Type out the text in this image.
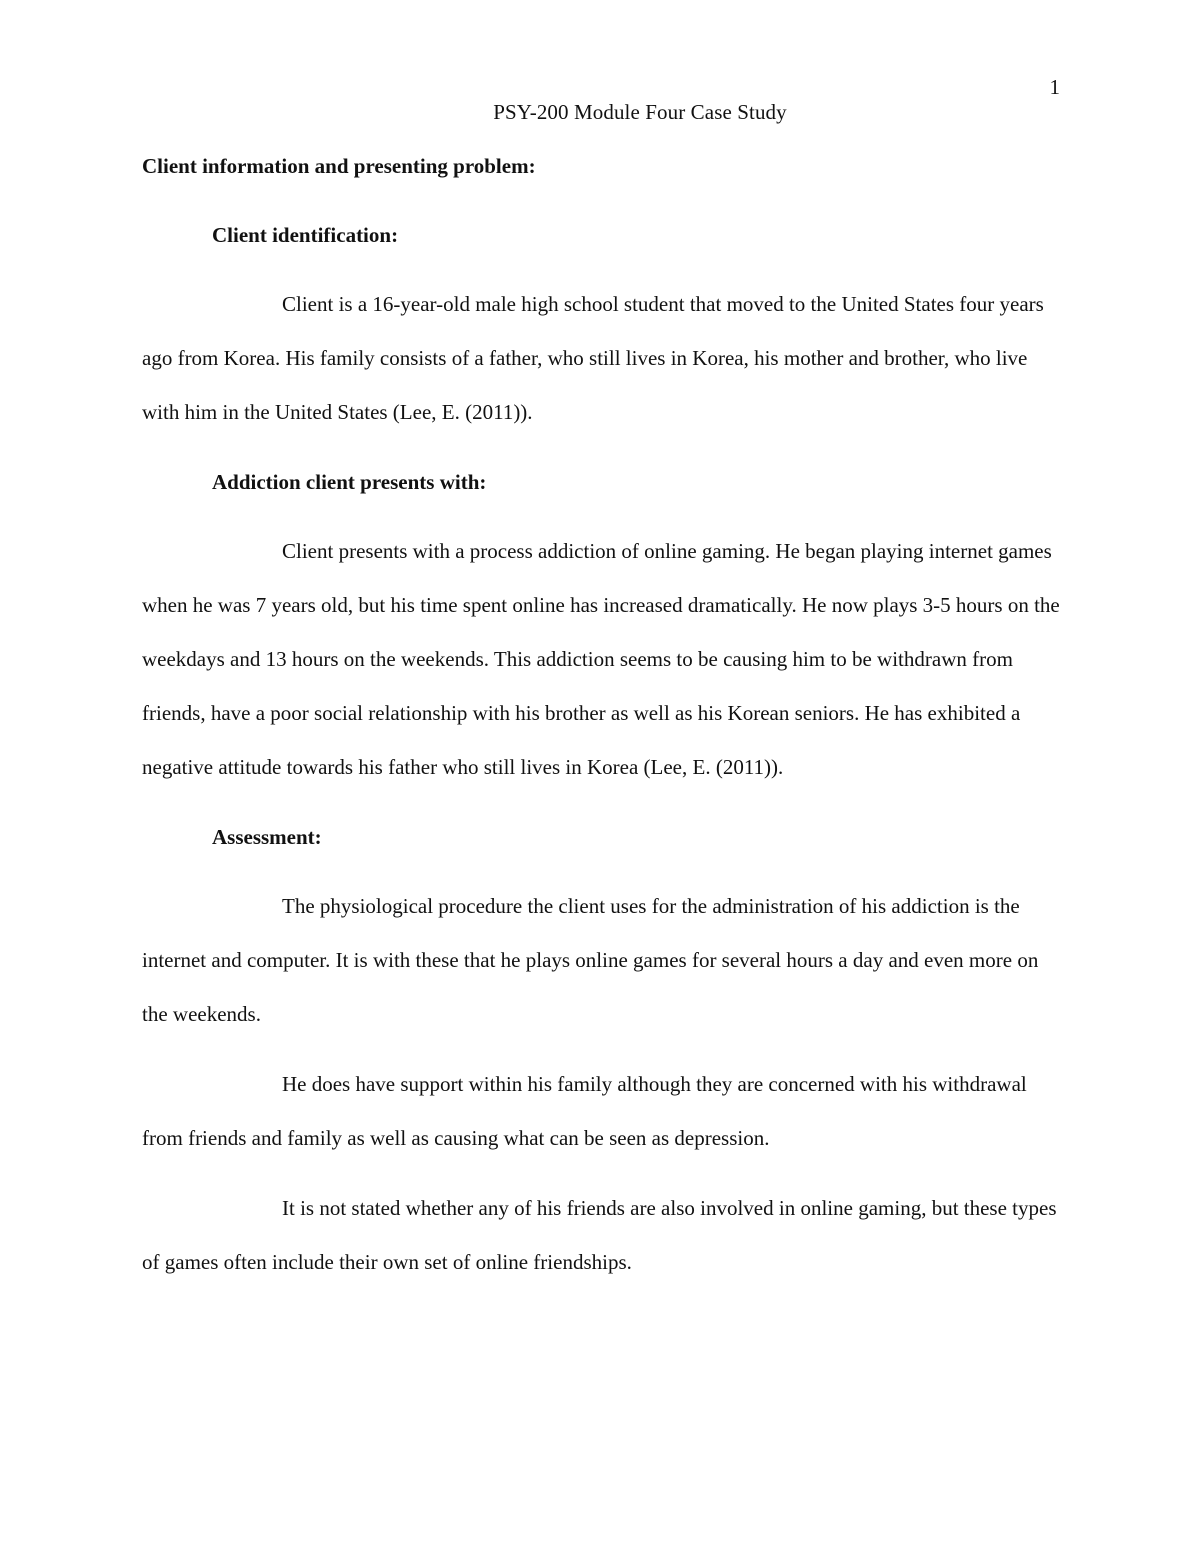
1
PSY-200 Module Four Case Study

Client information and presenting problem:

Client identification:

Client is a 16-year-old male high school student that moved to the United States four years ago from Korea. His family consists of a father, who still lives in Korea, his mother and brother, who live with him in the United States (Lee, E. (2011)).

Addiction client presents with:

Client presents with a process addiction of online gaming. He began playing internet games when he was 7 years old, but his time spent online has increased dramatically. He now plays 3-5 hours on the weekdays and 13 hours on the weekends. This addiction seems to be causing him to be withdrawn from friends, have a poor social relationship with his brother as well as his Korean seniors. He has exhibited a negative attitude towards his father who still lives in Korea (Lee, E. (2011)).

Assessment:

The physiological procedure the client uses for the administration of his addiction is the internet and computer. It is with these that he plays online games for several hours a day and even more on the weekends.

He does have support within his family although they are concerned with his withdrawal from friends and family as well as causing what can be seen as depression.

It is not stated whether any of his friends are also involved in online gaming, but these types of games often include their own set of online friendships.
